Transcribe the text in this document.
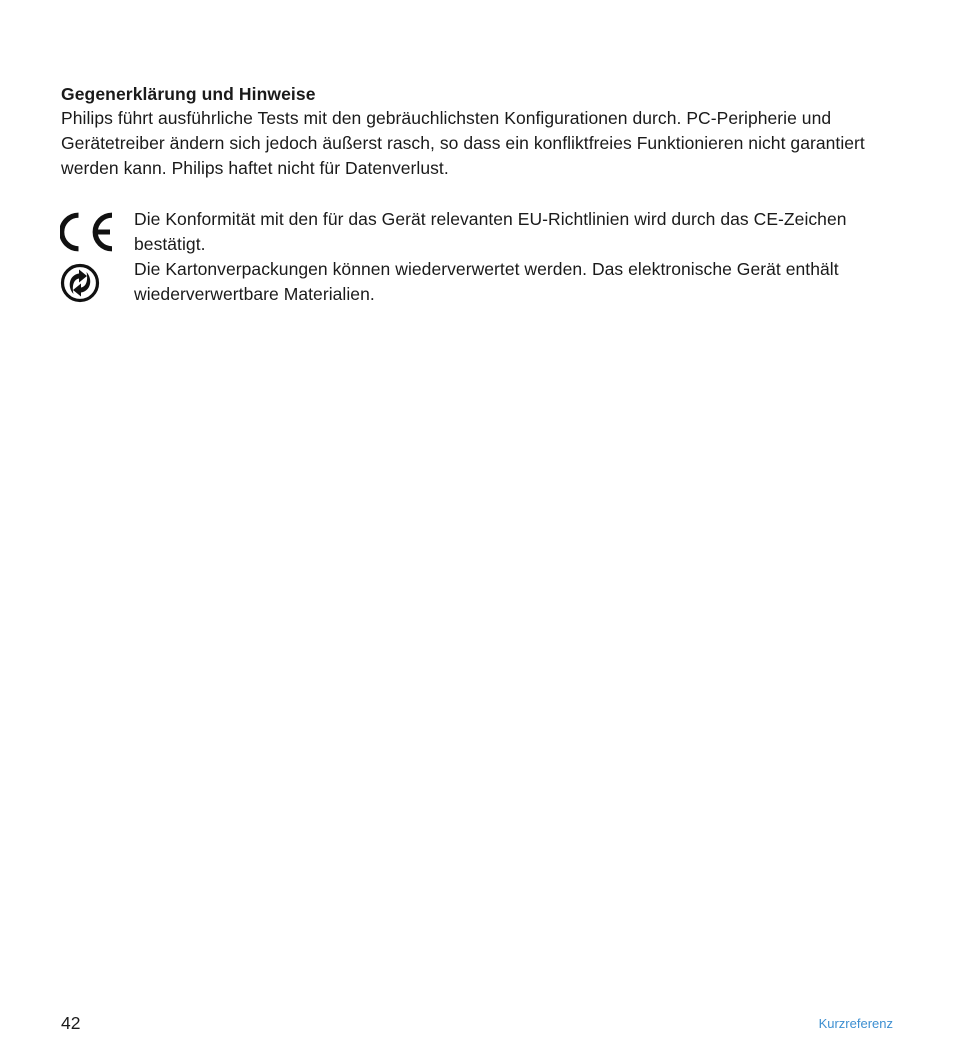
Gegenerklärung und Hinweise

Philips führt ausführliche Tests mit den gebräuchlichsten Konfigurationen durch. PC-Peripherie und Gerätetreiber ändern sich jedoch äußerst rasch, so dass ein konfliktfreies Funktionieren nicht garantiert werden kann. Philips haftet nicht für Datenverlust.

Die Konformität mit den für das Gerät relevanten EU-Richtlinien wird durch das CE-Zeichen bestätigt.

Die Kartonverpackungen können wiederverwertet werden. Das elektronische Gerät enthält wiederverwertbare Materialien.

42	Kurzreferenz
